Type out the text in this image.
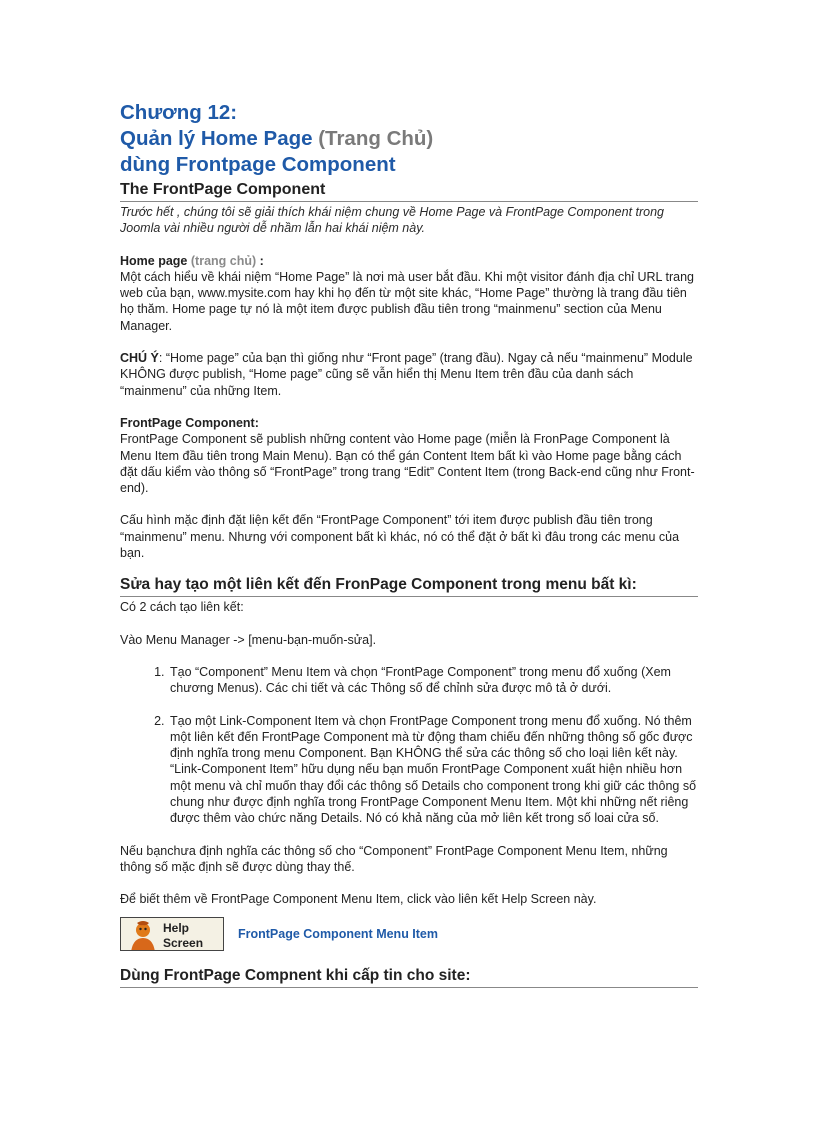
Chương 12:
Quản lý Home Page (Trang Chủ)
dùng Frontpage Component
The FrontPage Component

Trước hết , chúng tôi sẽ giải thích khái niệm chung về Home Page và FrontPage Component trong Joomla vài nhiều người dễ nhầm lẫn hai khái niệm này.

Home page (trang chủ) :

Một cách hiểu về khái niệm “Home Page” là nơi mà user bắt đầu. Khi một visitor đánh địa chỉ URL trang web của bạn, www.mysite.com hay khi họ đến từ một site khác, “Home Page” thường là trang đầu tiên họ thăm. Home page tự nó là một item được publish đầu tiên trong “mainmenu” section của Menu Manager.

CHÚ Ý: “Home page” của bạn thì giống như “Front page” (trang đầu). Ngay cả nếu “mainmenu” Module KHÔNG được publish, “Home page” cũng sẽ vẫn hiển thị Menu Item trên đầu của danh sách “mainmenu” của những Item.

FrontPage Component:

FrontPage Component sẽ publish những content vào Home page (miễn là FronPage Component là Menu Item đầu tiên trong Main Menu). Bạn có thể gán Content Item bất kì vào Home page bằng cách đặt dấu kiểm vào thông số “FrontPage” trong trang “Edit” Content Item (trong Back-end cũng như Front-end).

Cấu hình mặc định đặt liện kết đến “FrontPage Component” tới item được publish đầu tiên trong “mainmenu” menu. Nhưng với component bất kì khác, nó có thể đặt ở bất kì đâu trong các menu của bạn.

Sửa hay tạo một liên kết đến FronPage Component trong menu bất kì:

Có 2 cách tạo liên kết:

Vào Menu Manager -> [menu-bạn-muốn-sửa].

1. Tạo “Component” Menu Item và chọn “FrontPage Component” trong menu đổ xuống (Xem chương Menus). Các chi tiết và các Thông số để chỉnh sửa được mô tả ở dưới.
2. Tạo một Link-Component Item và chọn FrontPage Component trong menu đổ xuống. Nó thêm một liên kết đến FrontPage Component mà từ động tham chiếu đến những thông số gốc được định nghĩa trong menu Component. Bạn KHÔNG thể sửa các thông số cho loại liên kết này. “Link-Component Item” hữu dụng nếu bạn muốn FrontPage Component xuất hiện nhiều hơn một menu và chỉ muốn thay đổi các thông số Details cho component trong khi giữ các thông số chung như được định nghĩa trong FrontPage Component Menu Item. Một khi những nết riêng được thêm vào chức năng Details. Nó có khả năng của mở liên kết trong số loai cửa số.

Nếu bạnchưa định nghĩa các thông số cho “Component” FrontPage Component Menu Item, những thông số mặc định sẽ được dùng thay thế.

Để biết thêm về FrontPage Component Menu Item, click vào liên kết Help Screen này.

Help
Screen
FrontPage Component Menu Item
Dùng FrontPage Compnent khi cấp tin cho site:
